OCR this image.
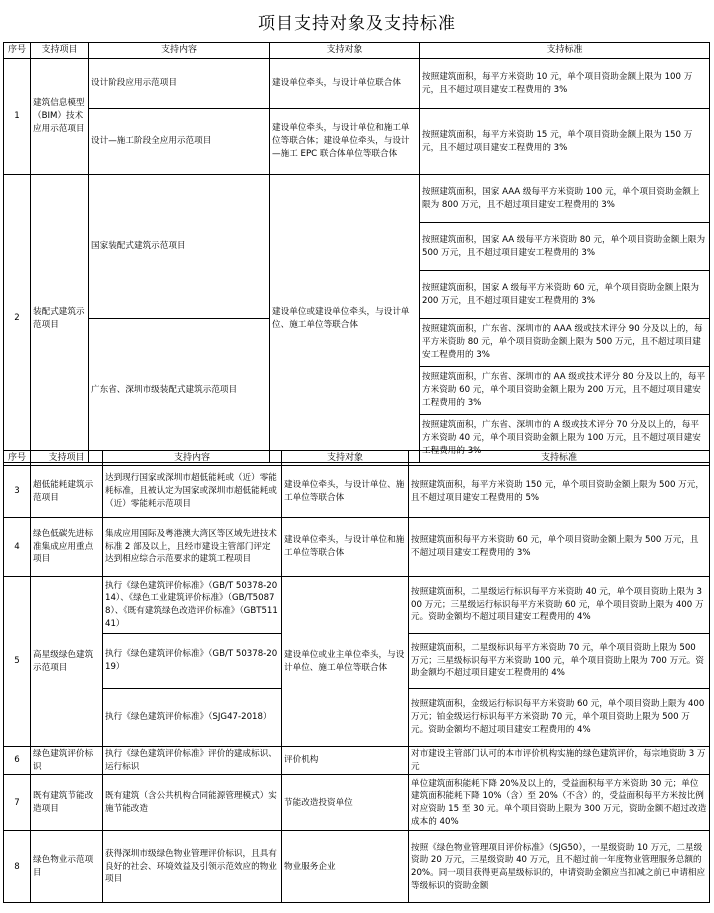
项目支持对象及支持标准
序号	支持项目	支持内容	支持对象	支持标准
1	建筑信息模型（BIM）技术应用示范项目	设计阶段应用示范项目	建设单位牵头，与设计单位联合体	按照建筑面积，每平方米资助 10 元，单个项目资助金额上限为 100 万元，且不超过项目建安工程费用的 3%
		设计—施工阶段全应用示范项目	建设单位牵头，与设计单位和施工单位等联合体；建设单位牵头，与设计—施工 EPC 联合体单位等联合体	按照建筑面积，每平方米资助 15 元，单个项目资助金额上限为 150 万元，且不超过项目建安工程费用的 3%
2	装配式建筑示范项目	国家装配式建筑示范项目	建设单位或建设单位牵头，与设计单位、施工单位等联合体	按照建筑面积，国家 AAA 级每平方米资助 100 元，单个项目资助金额上限为 800 万元，且不超过项目建安工程费用的 3%
				按照建筑面积，国家 AA 级每平方米资助 80 元，单个项目资助金额上限为 500 万元，且不超过项目建安工程费用的 3%
				按照建筑面积，国家 A 级每平方米资助 60 元，单个项目资助金额上限为 200 万元，且不超过项目建安工程费用的 3%
		广东省、深圳市级装配式建筑示范项目		按照建筑面积，广东省、深圳市的 AAA 级或技术评分 90 分及以上的，每平方米资助 80 元，单个项目资助金额上限为 500 万元，且不超过项目建安工程费用的 3%
				按照建筑面积，广东省、深圳市的 AA 级或技术评分 80 分及以上的，每平方米资助 60 元，单个项目资助金额上限为 200 万元，且不超过项目建安工程费用的 3%
				按照建筑面积，广东省、深圳市的 A 级或技术评分 70 分及以上的，每平方米资助 40 元，单个项目资助金额上限为 100 万元，且不超过项目建安工程费用的 3%
序号	支持项目	支持内容	支持对象	支持标准
3	超低能耗建筑示范项目	达到现行国家或深圳市超低能耗或（近）零能耗标准，且被认定为国家或深圳市超低能耗或（近）零能耗示范项目	建设单位牵头，与设计单位、施工单位等联合体	按照建筑面积，每平方米资助 150 元，单个项目资助金额上限为 500 万元，且不超过项目建安工程费用的 5%
4	绿色低碳先进标准集成应用重点项目	集成应用国际及粤港澳大湾区等区域先进技术标准 2 部及以上，且经市建设主管部门评定达到相应综合示范要求的建筑工程项目	建设单位牵头，与设计单位和施工单位等联合体	按照建筑面积每平方米资助 60 元，单个项目资助金额上限为 500 万元，且不超过项目建安工程费用的 3%
5	高星级绿色建筑示范项目	执行《绿色建筑评价标准》（GB/T 50378-2014）、《绿色工业建筑评价标准》（GB/T50878）、《既有建筑绿色改造评价标准》（GBT51141）	建设单位或业主单位牵头，与设计单位、施工单位等联合体	按照建筑面积，二星级运行标识每平方米资助 40 元，单个项目资助上限为 300 万元；三星级运行标识每平方米资助 60 元，单个项目资助上限为 400 万元。资助金额均不超过项目建安工程费用的 4%
		执行《绿色建筑评价标准》（GB/T 50378-2019）		按照建筑面积，二星级标识每平方米资助 70 元，单个项目资助上限为 500 万元；三星级标识每平方米资助 100 元，单个项目资助上限为 700 万元。资助金额均不超过项目建安工程费用的 4%
		执行《绿色建筑评价标准》（SJG47-2018）		按照建筑面积，金级运行标识每平方米资助 60 元，单个项目资助上限为 400 万元；铂金级运行标识每平方米资助 70 元，单个项目资助上限为 500 万元。资助金额均不超过项目建安工程费用的 4%
6	绿色建筑评价标识	执行《绿色建筑评价标准》评价的建成标识、运行标识	评价机构	对市建设主管部门认可的本市评价机构实施的绿色建筑评价，每宗地资助 3 万元
7	既有建筑节能改造项目	既有建筑（含公共机构合同能源管理模式）实施节能改造	节能改造投资单位	单位建筑面积能耗下降 20%及以上的，受益面积每平方米资助 30 元；单位建筑面积能耗下降 10%（含）至 20%（不含）的，受益面积每平方米按比例对应资助 15 至 30 元。单个项目资助上限为 300 万元，资助金额不超过改造成本的 40%
8	绿色物业示范项目	获得深圳市级绿色物业管理评价标识，且具有良好的社会、环境效益及引领示范效应的物业项目	物业服务企业	按照《绿色物业管理项目评价标准》（SJG50），一星级资助 10 万元，二星级资助 20 万元，三星级资助 40 万元，且不超过前一年度物业管理服务总额的 20%。同一项目获得更高星级标识的，申请资助金额应当扣减之前已申请相应等级标识的资助金额
